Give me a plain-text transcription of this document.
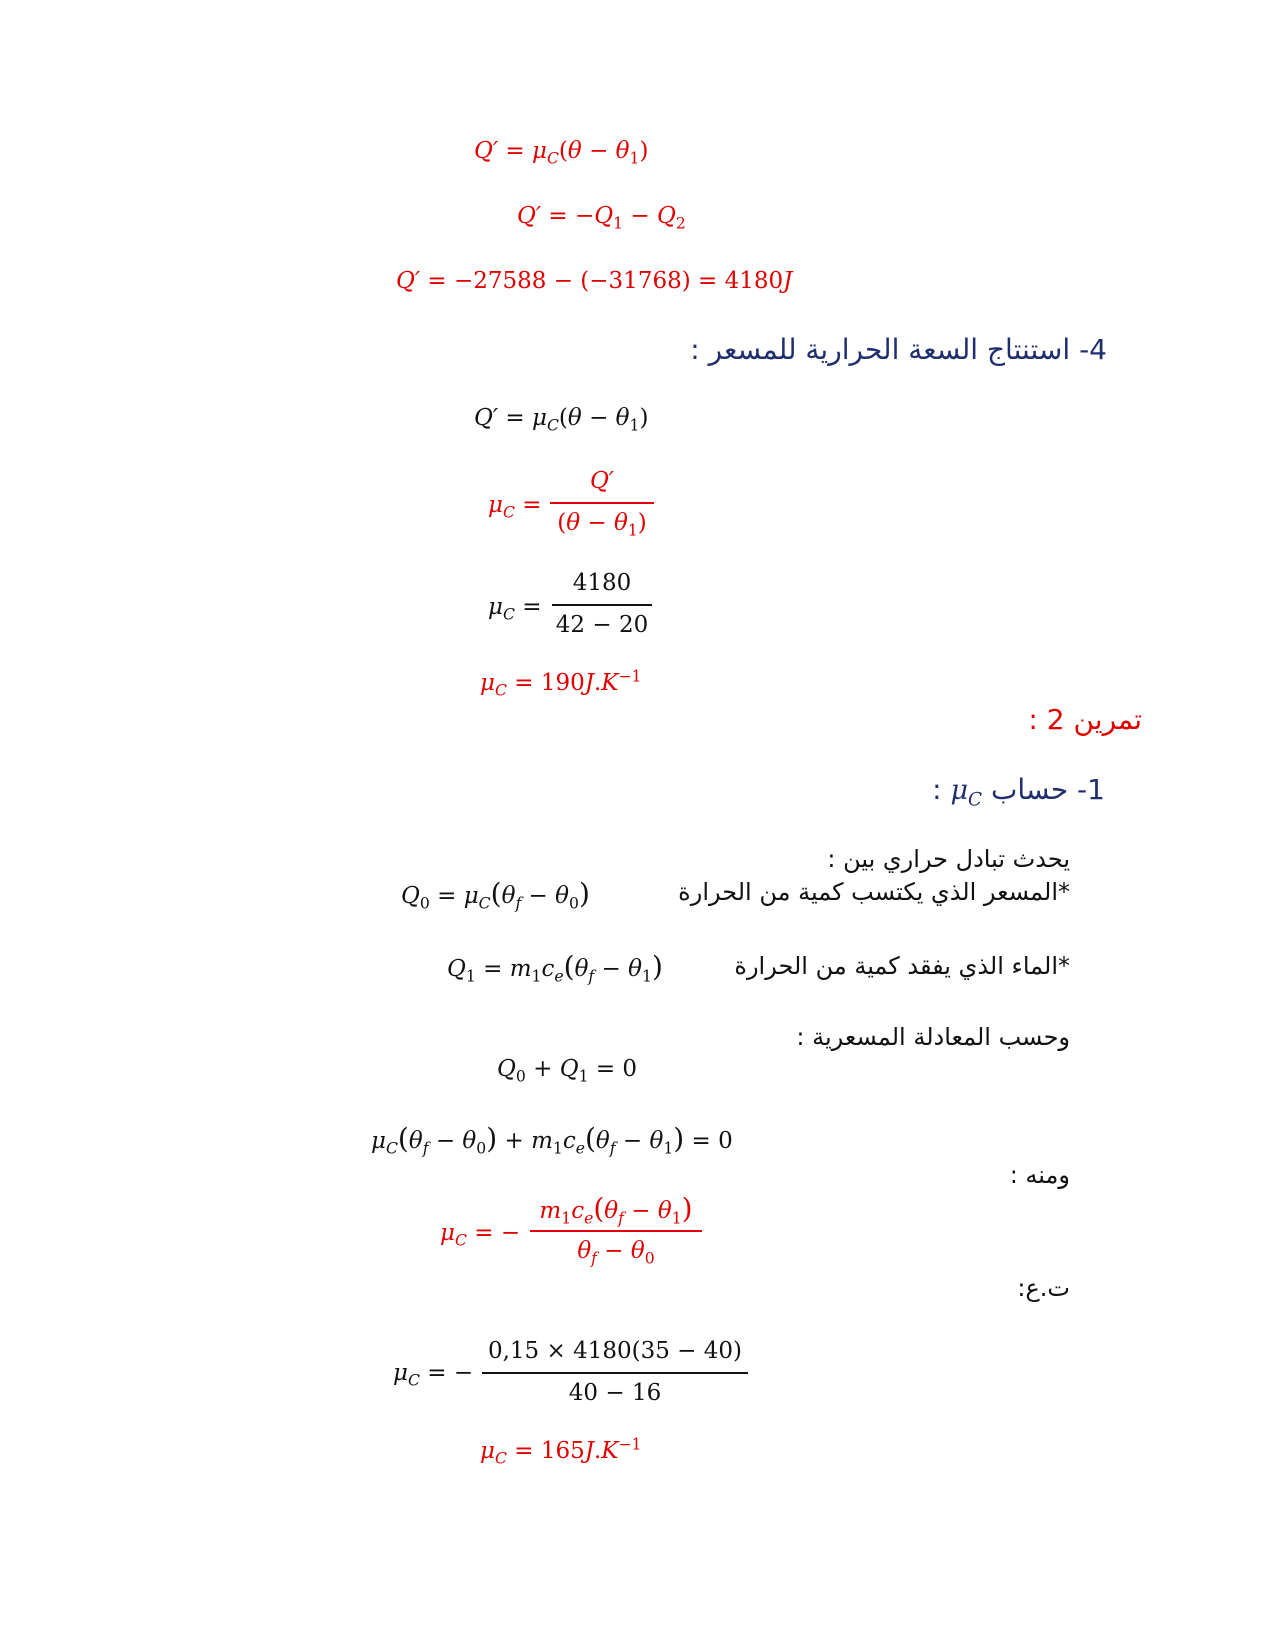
$Q' = \mu_C(\theta - \theta_1)$
$Q' = -Q_1 - Q_2$
Q′ = −27588 − (−31768) = 4180J
4- استنتاج السعة الحرارية للمسعر :
$Q' = \mu_C(\theta - \theta_1)$
$\mu_C$ =
Q′
$(\theta - \theta_1)$
$\mu_C$ =
4180
42 − 20
$\mu_C = 190J.K^{-1}$
تمرين 2 :
1- حساب $\mu_C$ :
يحدث تبادل حراري بين :
*المسعر الذي يكتسب كمية من الحرارة
$Q_0 = \mu_C(\theta_f - \theta_0)$
*الماء الذي يفقد كمية من الحرارة
$Q_1 = m_1c_e(\theta_f - \theta_1)$
وحسب المعادلة المسعرية :
$Q_0 + Q_1 = 0$
$\mu_C(\theta_f - \theta_0) + m_1c_e(\theta_f - \theta_1) = 0$
ومنه :
$\mu_C$ = −
$m_1c_e(\theta_f - \theta_1)$
$\theta_f - \theta_0$
ت.ع:
$\mu_C$ = −
0,15 × 4180(35 − 40)
40 − 16
$\mu_C = 165J.K^{-1}$
